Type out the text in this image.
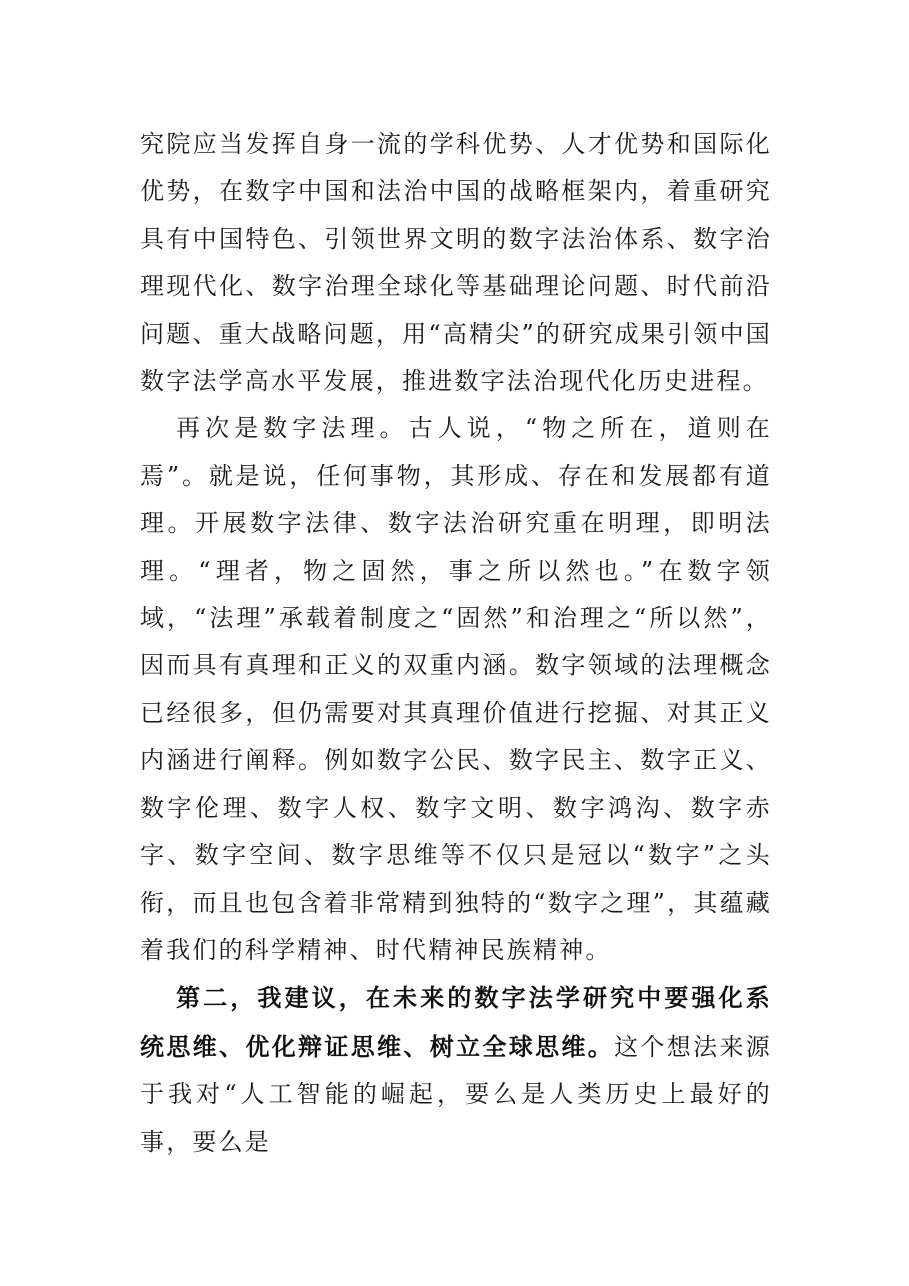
究院应当发挥自身一流的学科优势、人才优势和国际化优势，在数字中国和法治中国的战略框架内，着重研究具有中国特色、引领世界文明的数字法治体系、数字治理现代化、数字治理全球化等基础理论问题、时代前沿问题、重大战略问题，用“高精尖”的研究成果引领中国数字法学高水平发展，推进数字法治现代化历史进程。

再次是数字法理。古人说，“物之所在，道则在焉”。就是说，任何事物，其形成、存在和发展都有道理。开展数字法律、数字法治研究重在明理，即明法理。“理者，物之固然，事之所以然也。”在数字领域，“法理”承载着制度之“固然”和治理之“所以然”，因而具有真理和正义的双重内涵。数字领域的法理概念已经很多，但仍需要对其真理价值进行挖掘、对其正义内涵进行阐释。例如数字公民、数字民主、数字正义、数字伦理、数字人权、数字文明、数字鸿沟、数字赤字、数字空间、数字思维等不仅只是冠以“数字”之头衔，而且也包含着非常精到独特的“数字之理”，其蕴藏着我们的科学精神、时代精神民族精神。

第二，我建议，在未来的数字法学研究中要强化系统思维、优化辩证思维、树立全球思维。这个想法来源于我对“人工智能的崛起，要么是人类历史上最好的事，要么是
